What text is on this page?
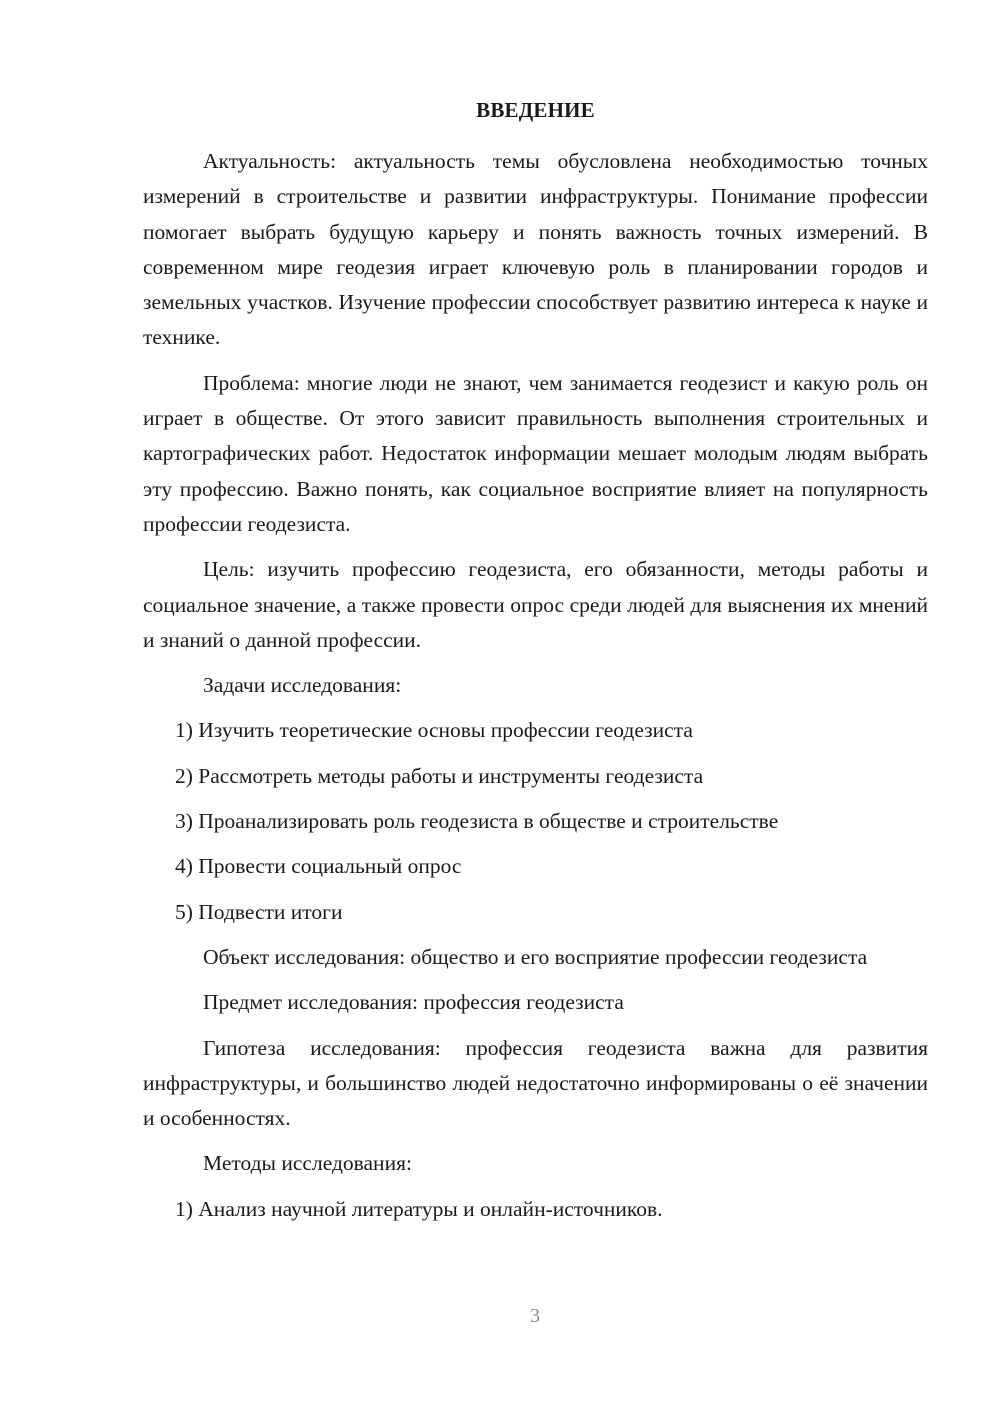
ВВЕДЕНИЕ

Актуальность: актуальность темы обусловлена необходимостью точных измерений в строительстве и развитии инфраструктуры. Понимание профессии помогает выбрать будущую карьеру и понять важность точных измерений. В современном мире геодезия играет ключевую роль в планировании городов и земельных участков. Изучение профессии способствует развитию интереса к науке и технике.

Проблема: многие люди не знают, чем занимается геодезист и какую роль он играет в обществе. От этого зависит правильность выполнения строительных и картографических работ. Недостаток информации мешает молодым людям выбрать эту профессию. Важно понять, как социальное восприятие влияет на популярность профессии геодезиста.

Цель: изучить профессию геодезиста, его обязанности, методы работы и социальное значение, а также провести опрос среди людей для выяснения их мнений и знаний о данной профессии.

Задачи исследования:

1) Изучить теоретические основы профессии геодезиста
2) Рассмотреть методы работы и инструменты геодезиста
3) Проанализировать роль геодезиста в обществе и строительстве
4) Провести социальный опрос
5) Подвести итоги

Объект исследования: общество и его восприятие профессии геодезиста

Предмет исследования: профессия геодезиста

Гипотеза исследования: профессия геодезиста важна для развития инфраструктуры, и большинство людей недостаточно информированы о её значении и особенностях.

Методы исследования:

1) Анализ научной литературы и онлайн-источников.
3
